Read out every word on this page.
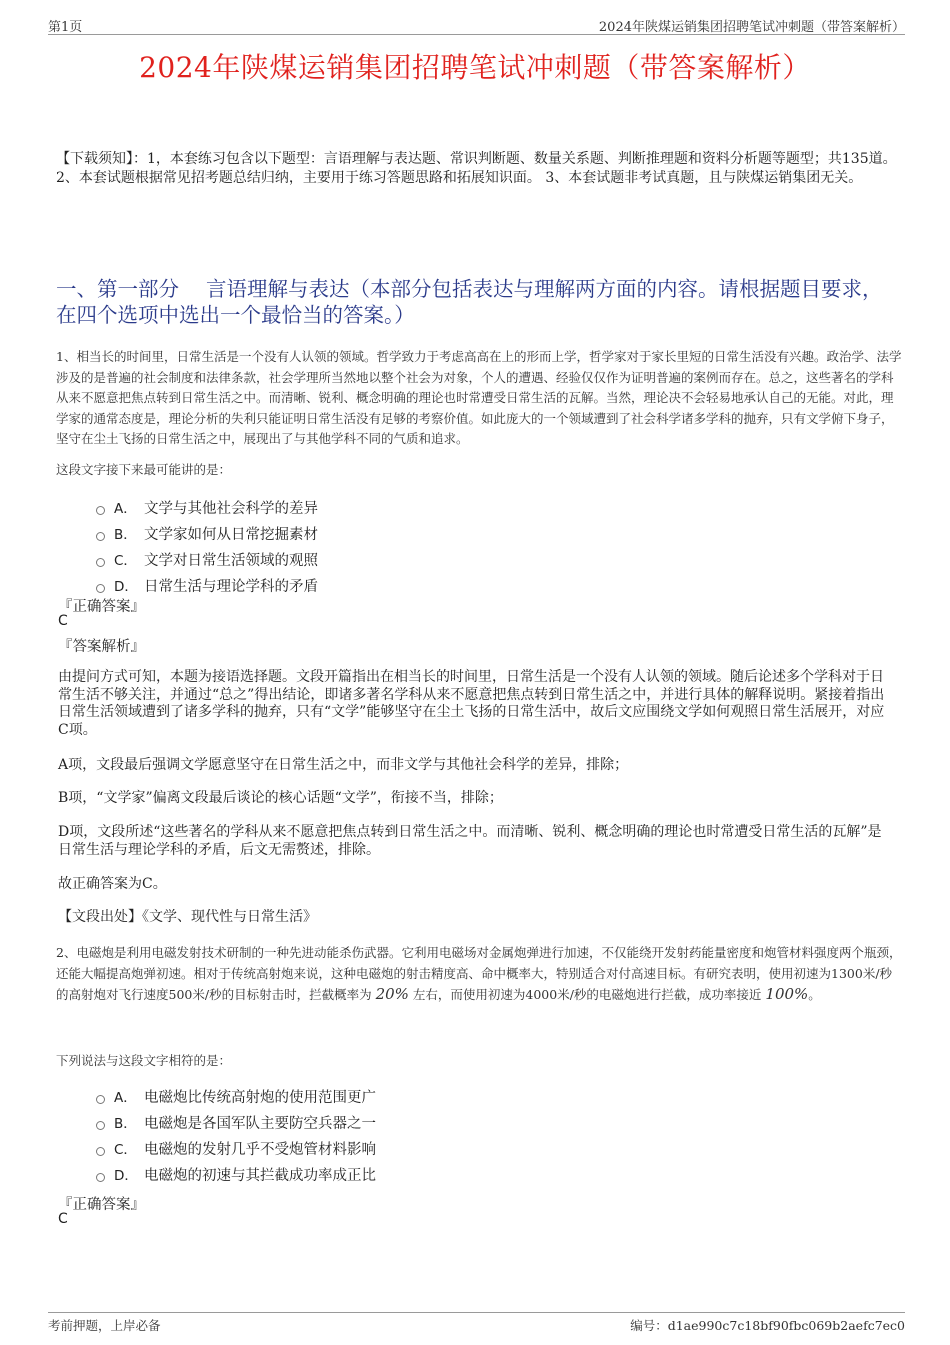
第1页	2024年陕煤运销集团招聘笔试冲刺题（带答案解析）
2024年陕煤运销集团招聘笔试冲刺题（带答案解析）
【下载须知】：1，本套练习包含以下题型：言语理解与表达题、常识判断题、数量关系题、判断推理题和资料分析题等题型；共135道。 2、本套试题根据常见招考题总结归纳，主要用于练习答题思路和拓展知识面。 3、本套试题非考试真题，且与陕煤运销集团无关。
一、第一部分　 言语理解与表达（本部分包括表达与理解两方面的内容。请根据题目要求，在四个选项中选出一个最恰当的答案。）
1、相当长的时间里，日常生活是一个没有人认领的领域。哲学致力于考虑高高在上的形而上学，哲学家对于家长里短的日常生活没有兴趣。政治学、法学涉及的是普遍的社会制度和法律条款，社会学理所当然地以整个社会为对象，个人的遭遇、经验仅仅作为证明普遍的案例而存在。总之，这些著名的学科从来不愿意把焦点转到日常生活之中。而清晰、锐利、概念明确的理论也时常遭受日常生活的瓦解。当然，理论决不会轻易地承认自己的无能。对此，理学家的通常态度是，理论分析的失利只能证明日常生活没有足够的考察价值。如此庞大的一个领域遭到了社会科学诸多学科的抛弃，只有文学俯下身子，坚守在尘土飞扬的日常生活之中，展现出了与其他学科不同的气质和追求。
这段文字接下来最可能讲的是：
A． 文学与其他社会科学的差异
B． 文学家如何从日常挖掘素材
C． 文学对日常生活领域的观照
D． 日常生活与理论学科的矛盾
『正确答案』
C
『答案解析』
由提问方式可知，本题为接语选择题。文段开篇指出在相当长的时间里，日常生活是一个没有人认领的领域。随后论述多个学科对于日常生活不够关注，并通过“总之”得出结论，即诸多著名学科从来不愿意把焦点转到日常生活之中，并进行具体的解释说明。紧接着指出日常生活领域遭到了诸多学科的抛弃，只有“文学”能够坚守在尘土飞扬的日常生活中，故后文应围绕文学如何观照日常生活展开，对应C项。
A项，文段最后强调文学愿意坚守在日常生活之中，而非文学与其他社会科学的差异，排除；
B项，“文学家”偏离文段最后谈论的核心话题“文学”，衔接不当，排除；
D项，文段所述“这些著名的学科从来不愿意把焦点转到日常生活之中。而清晰、锐利、概念明确的理论也时常遭受日常生活的瓦解”是日常生活与理论学科的矛盾，后文无需赘述，排除。
故正确答案为C。
【文段出处】《文学、现代性与日常生活》
2、电磁炮是利用电磁发射技术研制的一种先进动能杀伤武器。它利用电磁场对金属炮弹进行加速，不仅能绕开发射药能量密度和炮管材料强度两个瓶颈，还能大幅提高炮弹初速。相对于传统高射炮来说，这种电磁炮的射击精度高、命中概率大，特别适合对付高速目标。有研究表明，使用初速为1300米/秒的高射炮对飞行速度500米/秒的目标射击时，拦截概率为 20% 左右，而使用初速为4000米/秒的电磁炮进行拦截，成功率接近 100%。
下列说法与这段文字相符的是：
A． 电磁炮比传统高射炮的使用范围更广
B． 电磁炮是各国军队主要防空兵器之一
C． 电磁炮的发射几乎不受炮管材料影响
D． 电磁炮的初速与其拦截成功率成正比
『正确答案』
C
考前押题，上岸必备	编号：d1ae990c7c18bf90fbc069b2aefc7ec0
